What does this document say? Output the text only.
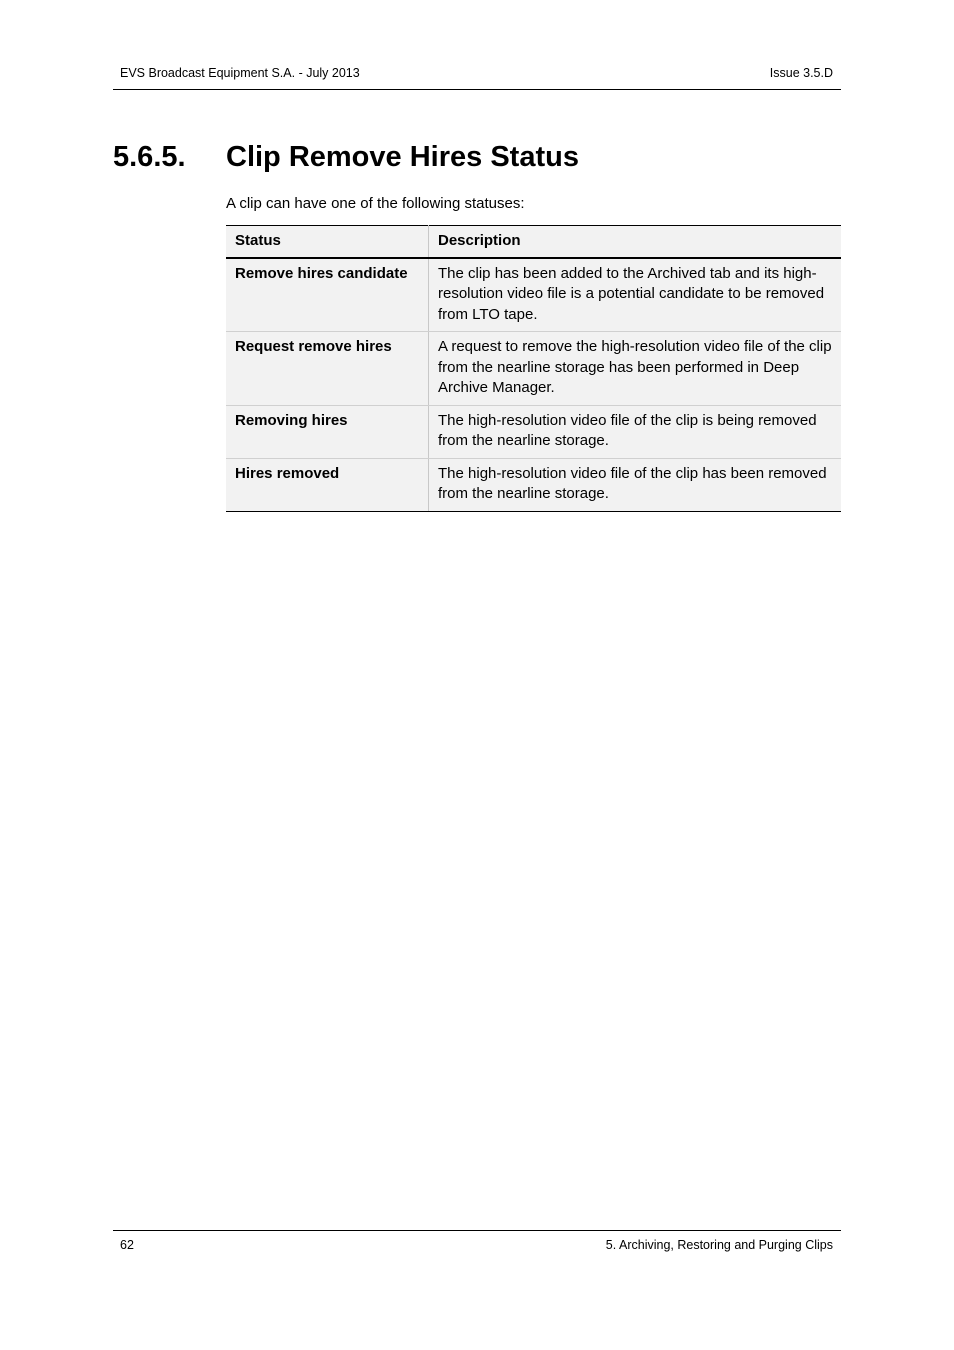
EVS Broadcast Equipment S.A. - July 2013	Issue 3.5.D
5.6.5. Clip Remove Hires Status
A clip can have one of the following statuses:
Status	Description
Remove hires candidate	The clip has been added to the Archived tab and its high-resolution video file is a potential candidate to be removed from LTO tape.
Request remove hires	A request to remove the high-resolution video file of the clip from the nearline storage has been performed in Deep Archive Manager.
Removing hires	The high-resolution video file of the clip is being removed from the nearline storage.
Hires removed	The high-resolution video file of the clip has been removed from the nearline storage.
62	5. Archiving, Restoring and Purging Clips
